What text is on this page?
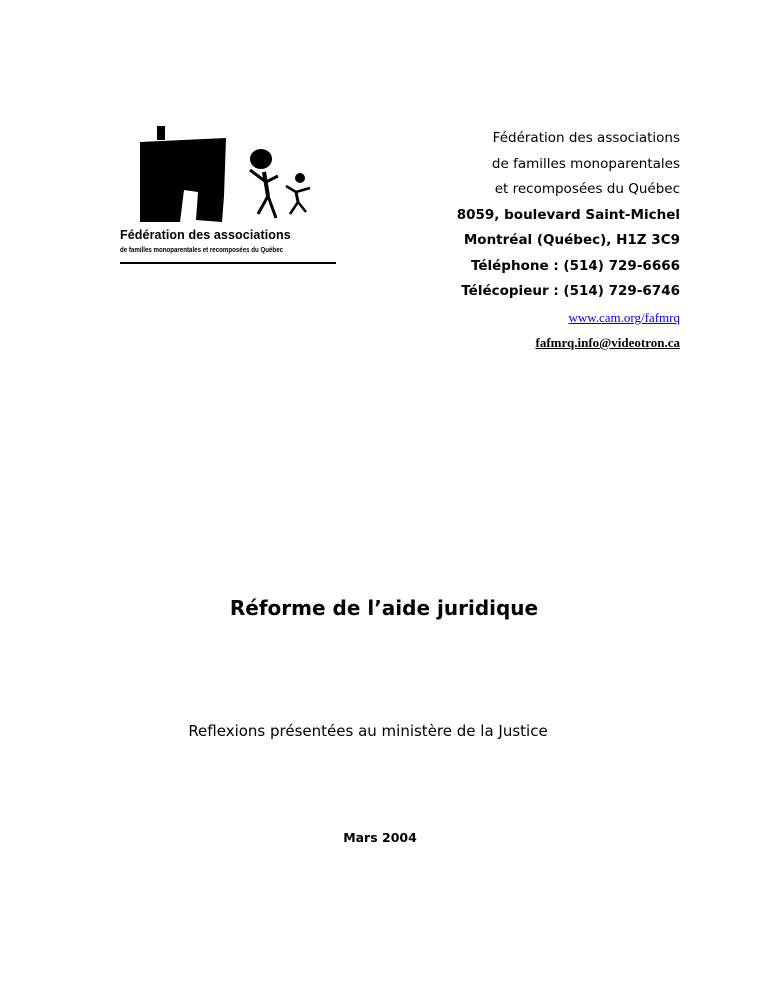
Fédération des associations
de familles monoparentales et recomposées du Québec
Fédération des associations
de familles monoparentales
et recomposées du Québec
8059, boulevard Saint-Michel
Montréal (Québec), H1Z 3C9
Téléphone : (514) 729-6666
Télécopieur : (514) 729-6746
www.cam.org/fafmrq
fafmrq.info@videotron.ca
Réforme de l’aide juridique
Reflexions présentées au ministère de la Justice
Mars 2004
